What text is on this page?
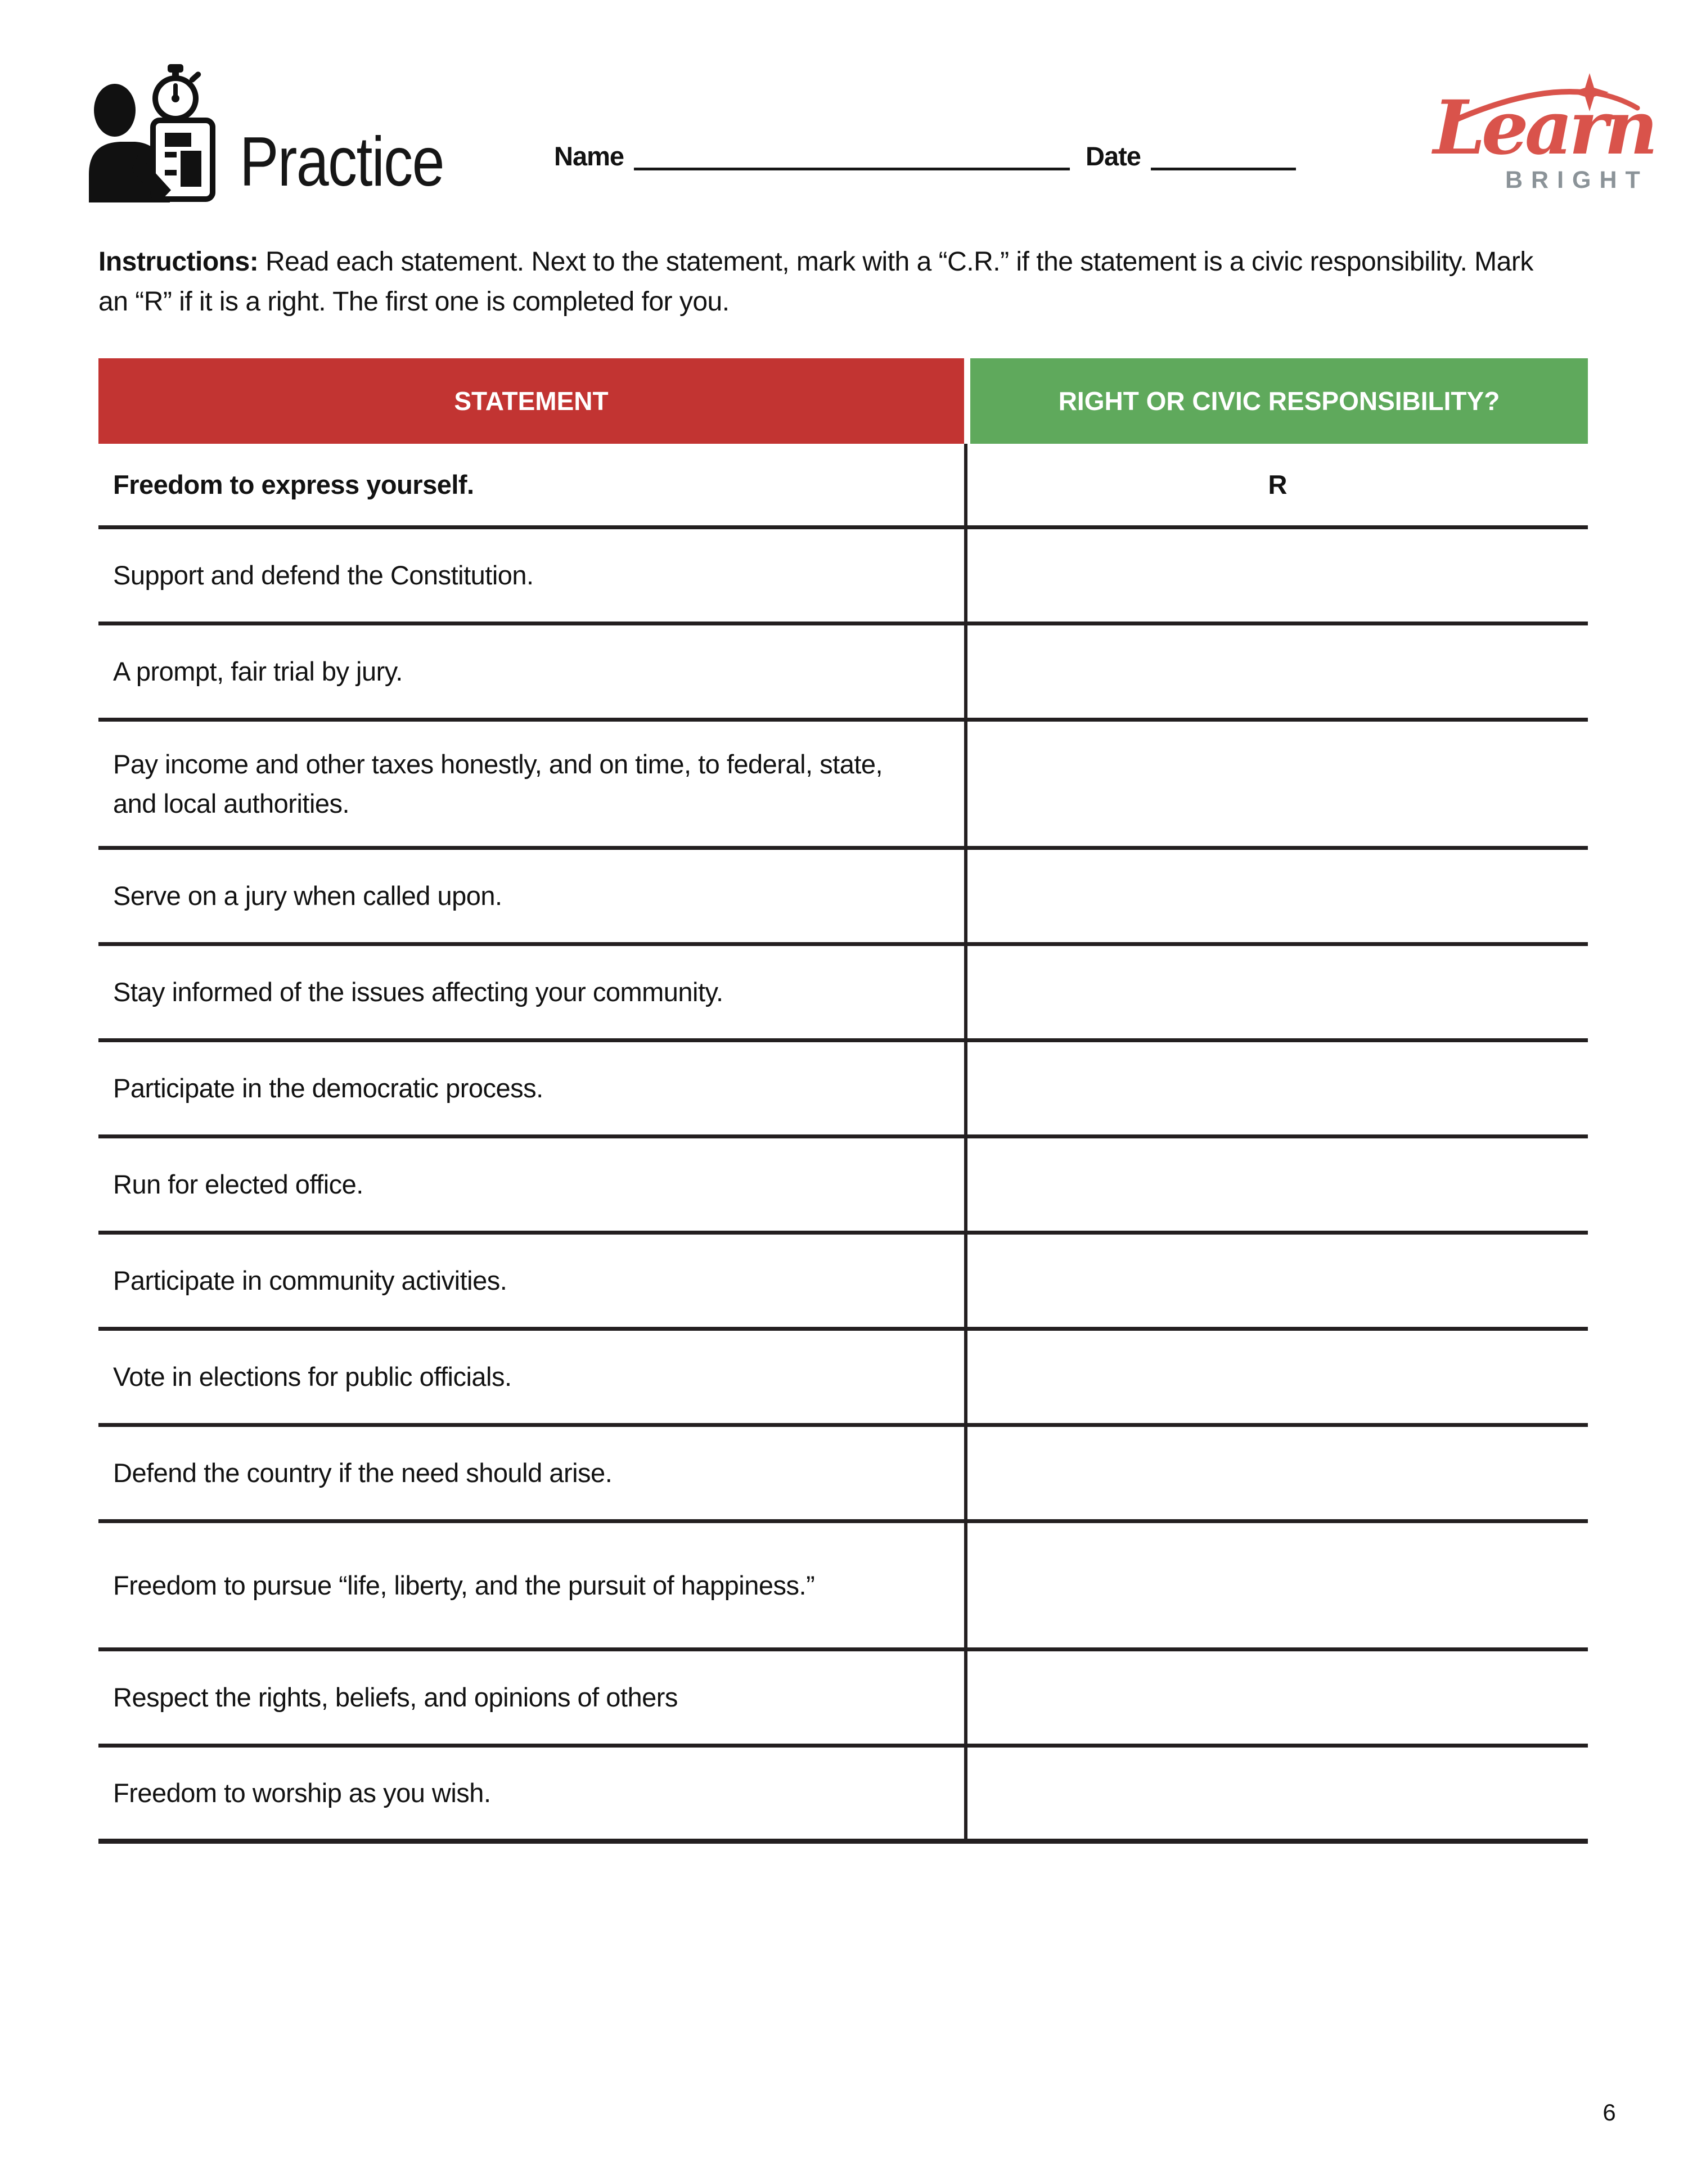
Practice	Name	Date	Learn
BRIGHT

Instructions: Read each statement. Next to the statement, mark with a “C.R.” if the statement is a civic responsibility. Mark an “R” if it is a right. The first one is completed for you.

STATEMENT	RIGHT OR CIVIC RESPONSIBILITY?
Freedom to express yourself.	R
Support and defend the Constitution.
A prompt, fair trial by jury.
Pay income and other taxes honestly, and on time, to federal, state, and local authorities.
Serve on a jury when called upon.
Stay informed of the issues affecting your community.
Participate in the democratic process.
Run for elected office.
Participate in community activities.
Vote in elections for public officials.
Defend the country if the need should arise.
Freedom to pursue “life, liberty, and the pursuit of happiness.”
Respect the rights, beliefs, and opinions of others
Freedom to worship as you wish.
6
